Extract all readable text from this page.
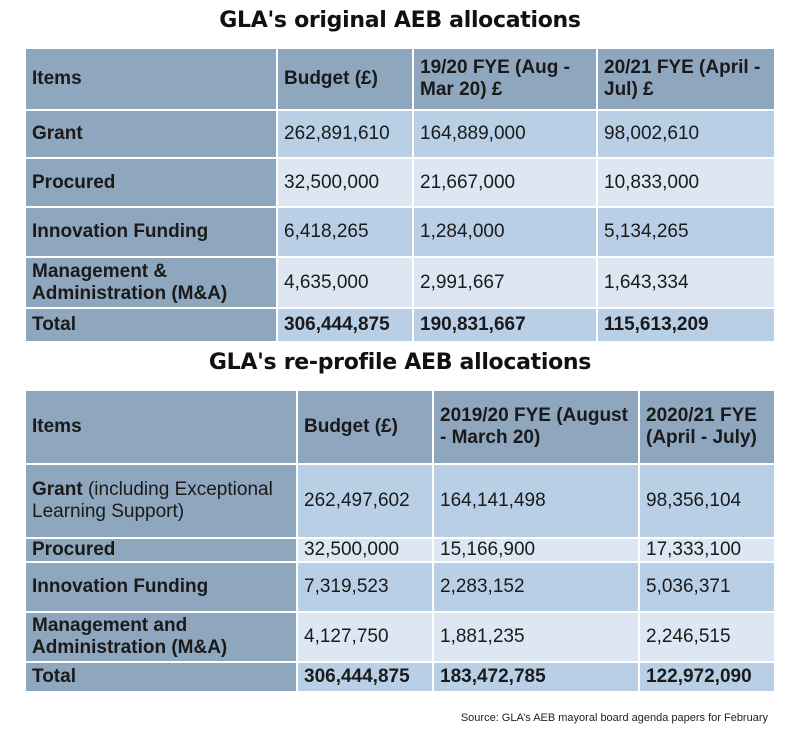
GLA's original AEB allocations
Items	Budget (£)	19/20 FYE (Aug - Mar 20) £	20/21 FYE (April - Jul) £
Grant	262,891,610	164,889,000	98,002,610
Procured	32,500,000	21,667,000	10,833,000
Innovation Funding	6,418,265	1,284,000	5,134,265
Management & Administration (M&A)	4,635,000	2,991,667	1,643,334
Total	306,444,875	190,831,667	115,613,209
GLA's re-profile AEB allocations
Items	Budget (£)	2019/20 FYE (August - March 20)	2020/21 FYE (April - July)
Grant (including Exceptional Learning Support)	262,497,602	164,141,498	98,356,104
Procured	32,500,000	15,166,900	17,333,100
Innovation Funding	7,319,523	2,283,152	5,036,371
Management and Administration (M&A)	4,127,750	1,881,235	2,246,515
Total	306,444,875	183,472,785	122,972,090
Source: GLA’s AEB mayoral board agenda papers for February
